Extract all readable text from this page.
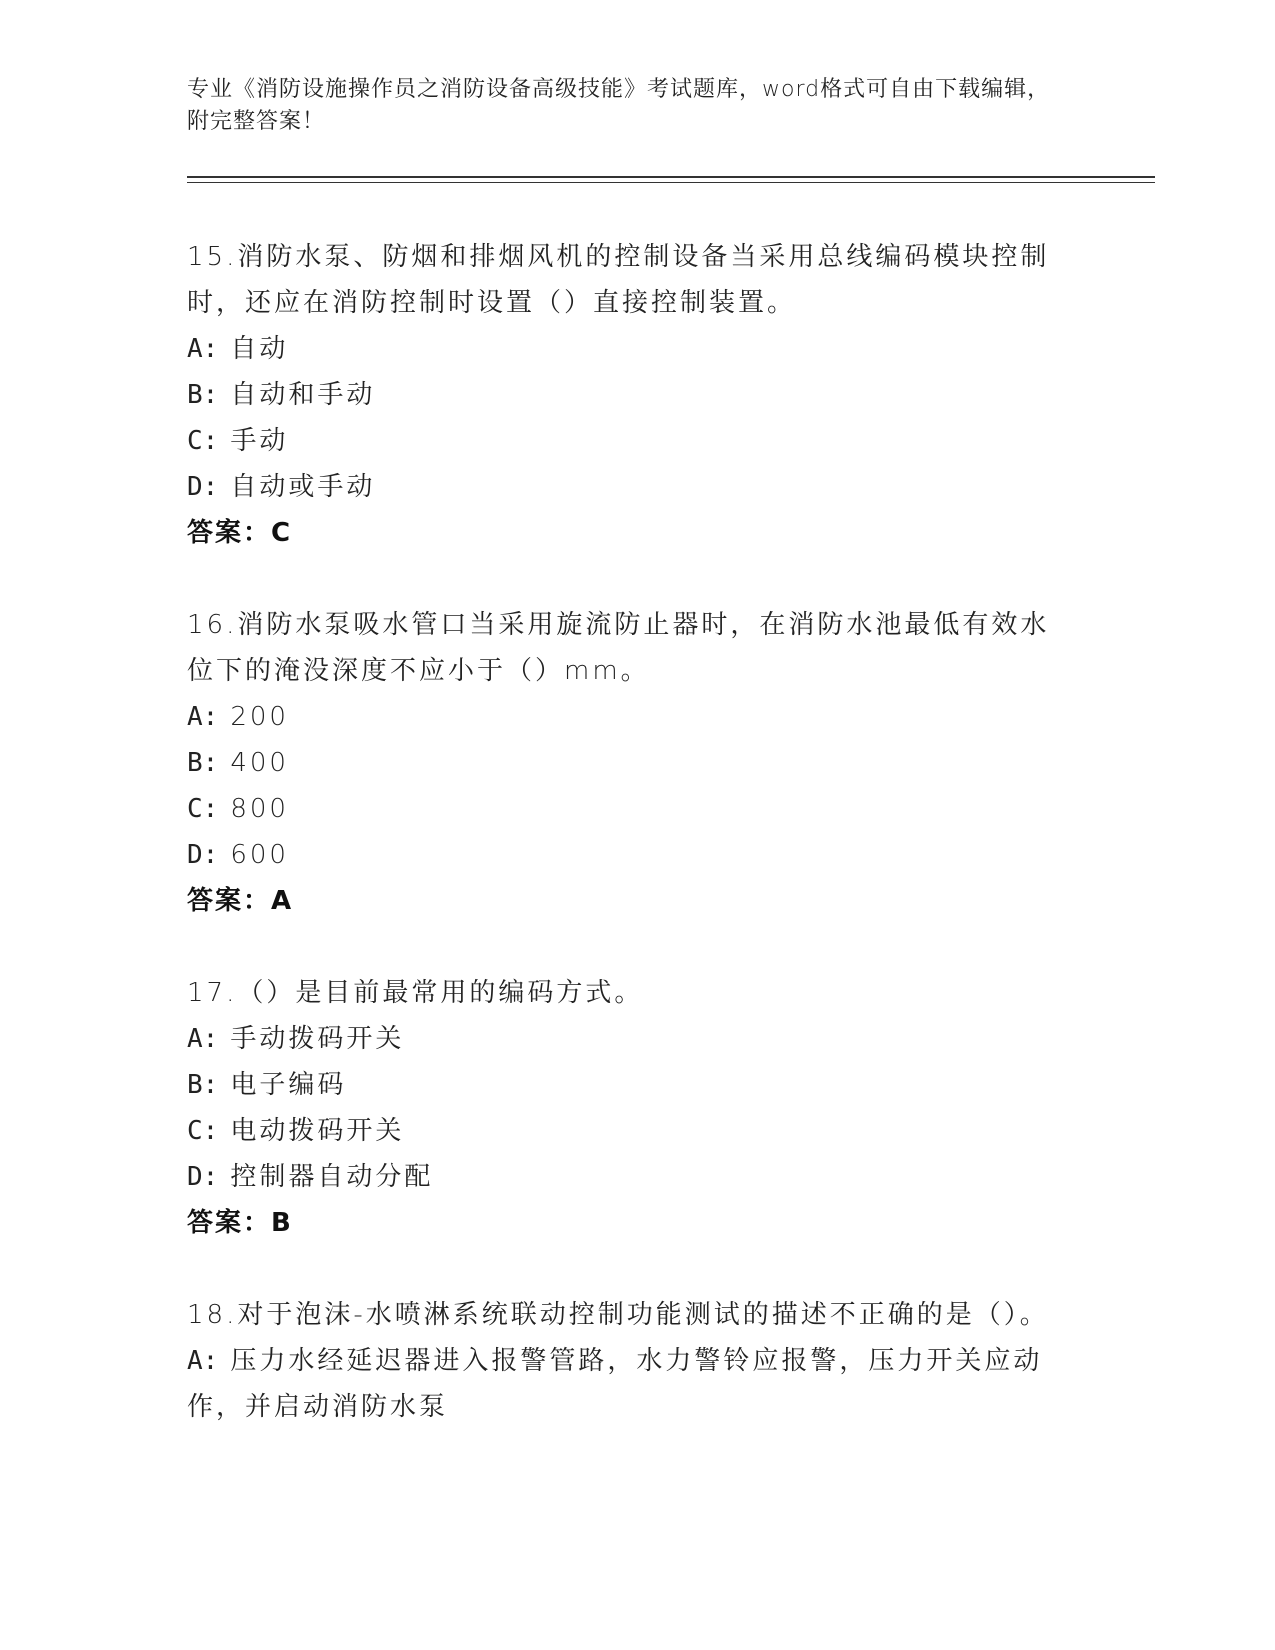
专业《消防设施操作员之消防设备高级技能》考试题库，word格式可自由下载编辑，附完整答案！

15.消防水泵、防烟和排烟风机的控制设备当采用总线编码模块控制时，还应在消防控制时设置（）直接控制装置。

A: 自动

B: 自动和手动

C: 手动

D: 自动或手动

答案：C

16.消防水泵吸水管口当采用旋流防止器时，在消防水池最低有效水位下的淹没深度不应小于（）mm。

A: 200

B: 400

C: 800

D: 600

答案：A

17.（）是目前最常用的编码方式。

A: 手动拨码开关

B: 电子编码

C: 电动拨码开关

D: 控制器自动分配

答案：B

18.对于泡沫-水喷淋系统联动控制功能测试的描述不正确的是（）。

A: 压力水经延迟器进入报警管路，水力警铃应报警，压力开关应动作，并启动消防水泵
